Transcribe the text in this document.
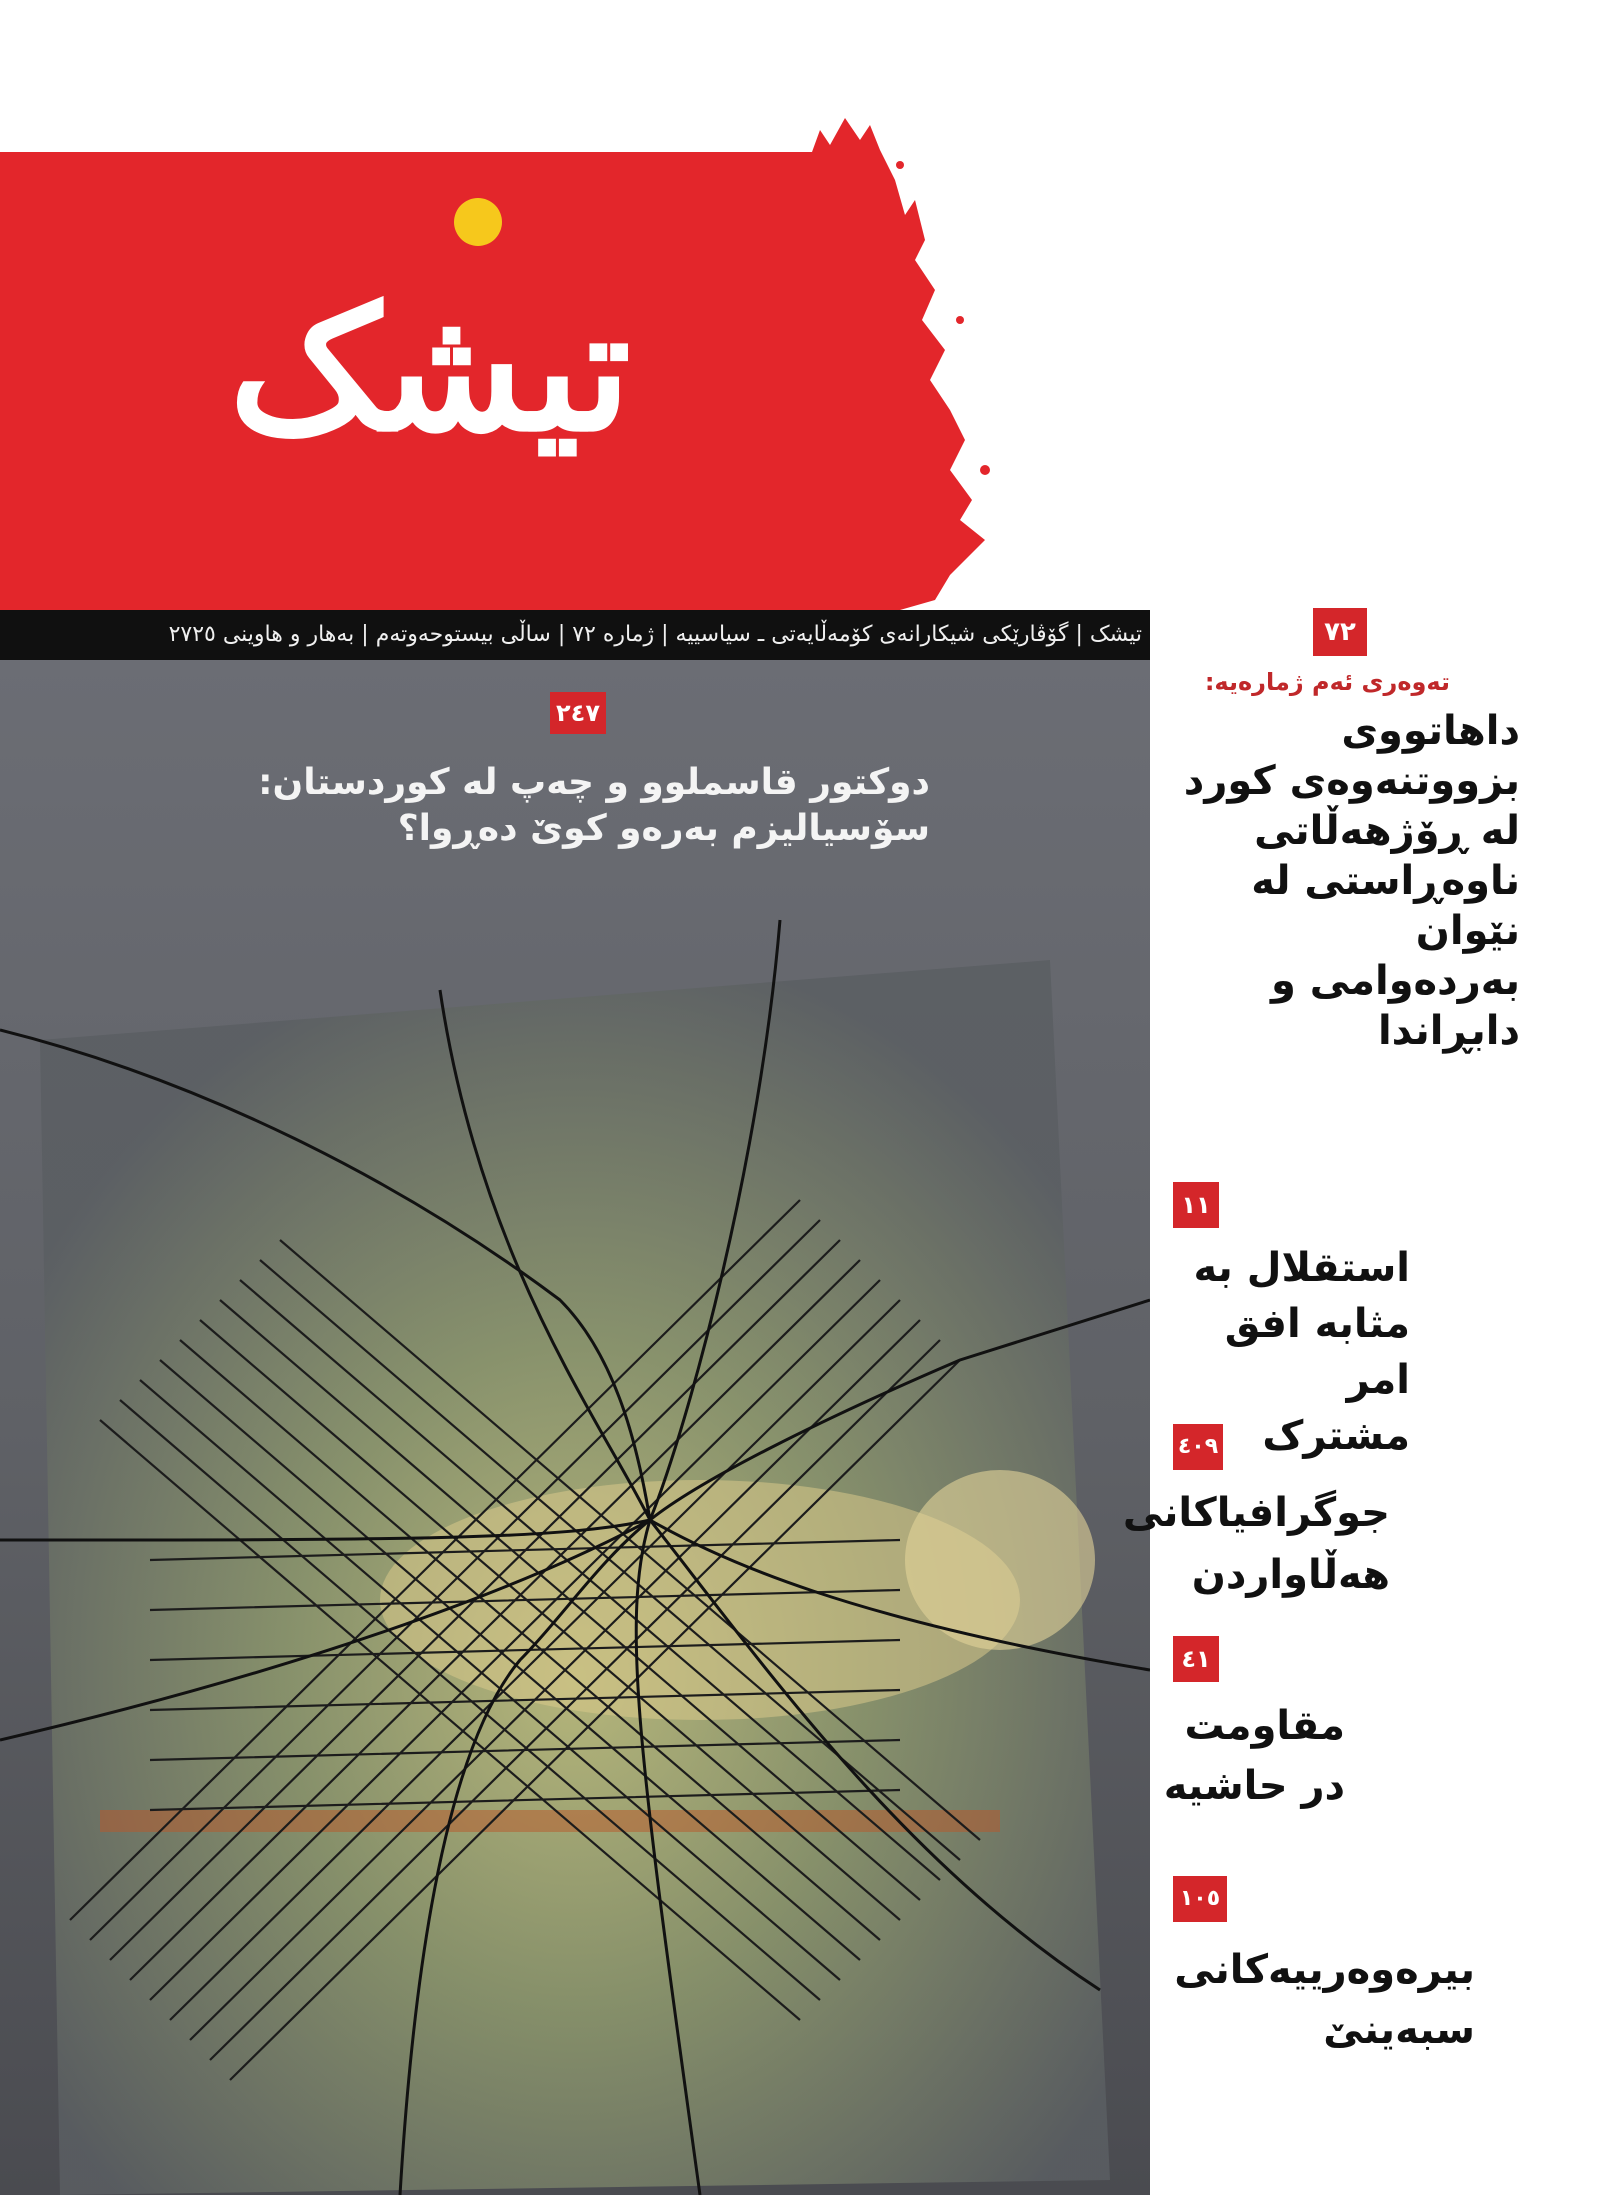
تیشک
تیشک | گۆڤارێکی شیکارانەی کۆمەڵایەتی ـ سیاسییە | ژمارە ٧٢ | ساڵی بیستوحەوتەم | بەهار و هاوینی ٢٧٢٥
٢٤٧
دوکتور قاسملوو و چەپ لە کوردستان:
سۆسیالیزم بەرەو کوێ دەڕوا؟
٧٢
تەوەری ئەم ژمارەیە:
داهاتووی
بزووتنەوەی کورد
لە ڕۆژهەڵاتی
ناوەڕاستی لە نێوان
بەردەوامی و
دابڕاندا
١١
استقلال به
مثابه افق امر
مشترک
٤٠٩
جوگرافیاکانی
هەڵاواردن
٤١
مقاومت
در حاشیه
١٠٥
بیرەوەرییەکانی
سبەینێ
